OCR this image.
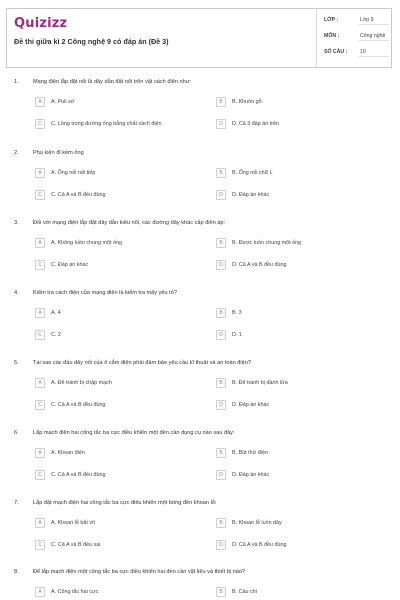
Quizizz
Đề thi giữa kì 2 Công nghệ 9 có đáp án (Đề 3)
LỚP :	Lớp 9
MÔN :	Công nghệ
SỐ CÂU : 10
1.	Mạng điện lắp đặt nổi là dây dẫn đặt nổi trên vật cách điện như:
A	A. Puli sứ	B	B. Khuôn gỗ
C	C. Lồng trong đường ống bằng chất cách điện	D	D. Cả 3 đáp án trên
2.	Phụ kiện đi kèm ống
A	A. Ống nối nối tiếp	B	B. Ống nối chữ L
C	C. Cả A và B đều đúng	D	D. Đáp án khác
3.	Đối với mạng điện lắp đặt dây dẫn kiểu nổi, các đường dây khác cấp điện áp:
A	A. Không luồn chung một ống	B	B. Được luồn chung một ống
C	C. Đáp án khác	D	D. Cả A và B đều đúng
4.	Kiểm tra cách điện của mạng điện là kiểm tra mấy yêu tố?
A	A. 4	B	B. 3
C	C. 2	D	D. 1
5.	Tại sao các đầu dây nối của ổ cắm điện phải đảm bảo yêu cầu kĩ thuật và an toàn điện?
A	A. Để tránh bị chập mạch	B	B. Để tránh bị đánh lửa
C	C. Cả A và B đều đúng	D	D. Đáp án khác
6.	Lắp mạch điện hai công tắc ba cực điều khiển một đèn cần dụng cụ nào sau đây:
A	A. Khoan điện	B	B. Bút thử điện
C	C. Cả A và B đều đúng	D	D. Đáp án khác
7.	Lắp đặt mạch điện hai công tắc ba cực điều khiển một bóng đèn khoan lỗ:
A	A. Khoan lỗ bắt vít	B	B. Khoan lỗ luồn dây
C	C. Cả A và B đều sai	D	D. Cả A và B đều đúng
8.	Để lắp mạch điện một công tắc ba cực điều khiển hai đèn cần vật liệu và thiết bị nào?
A	A. Công tắc hai cực	B	B. Cầu chì
